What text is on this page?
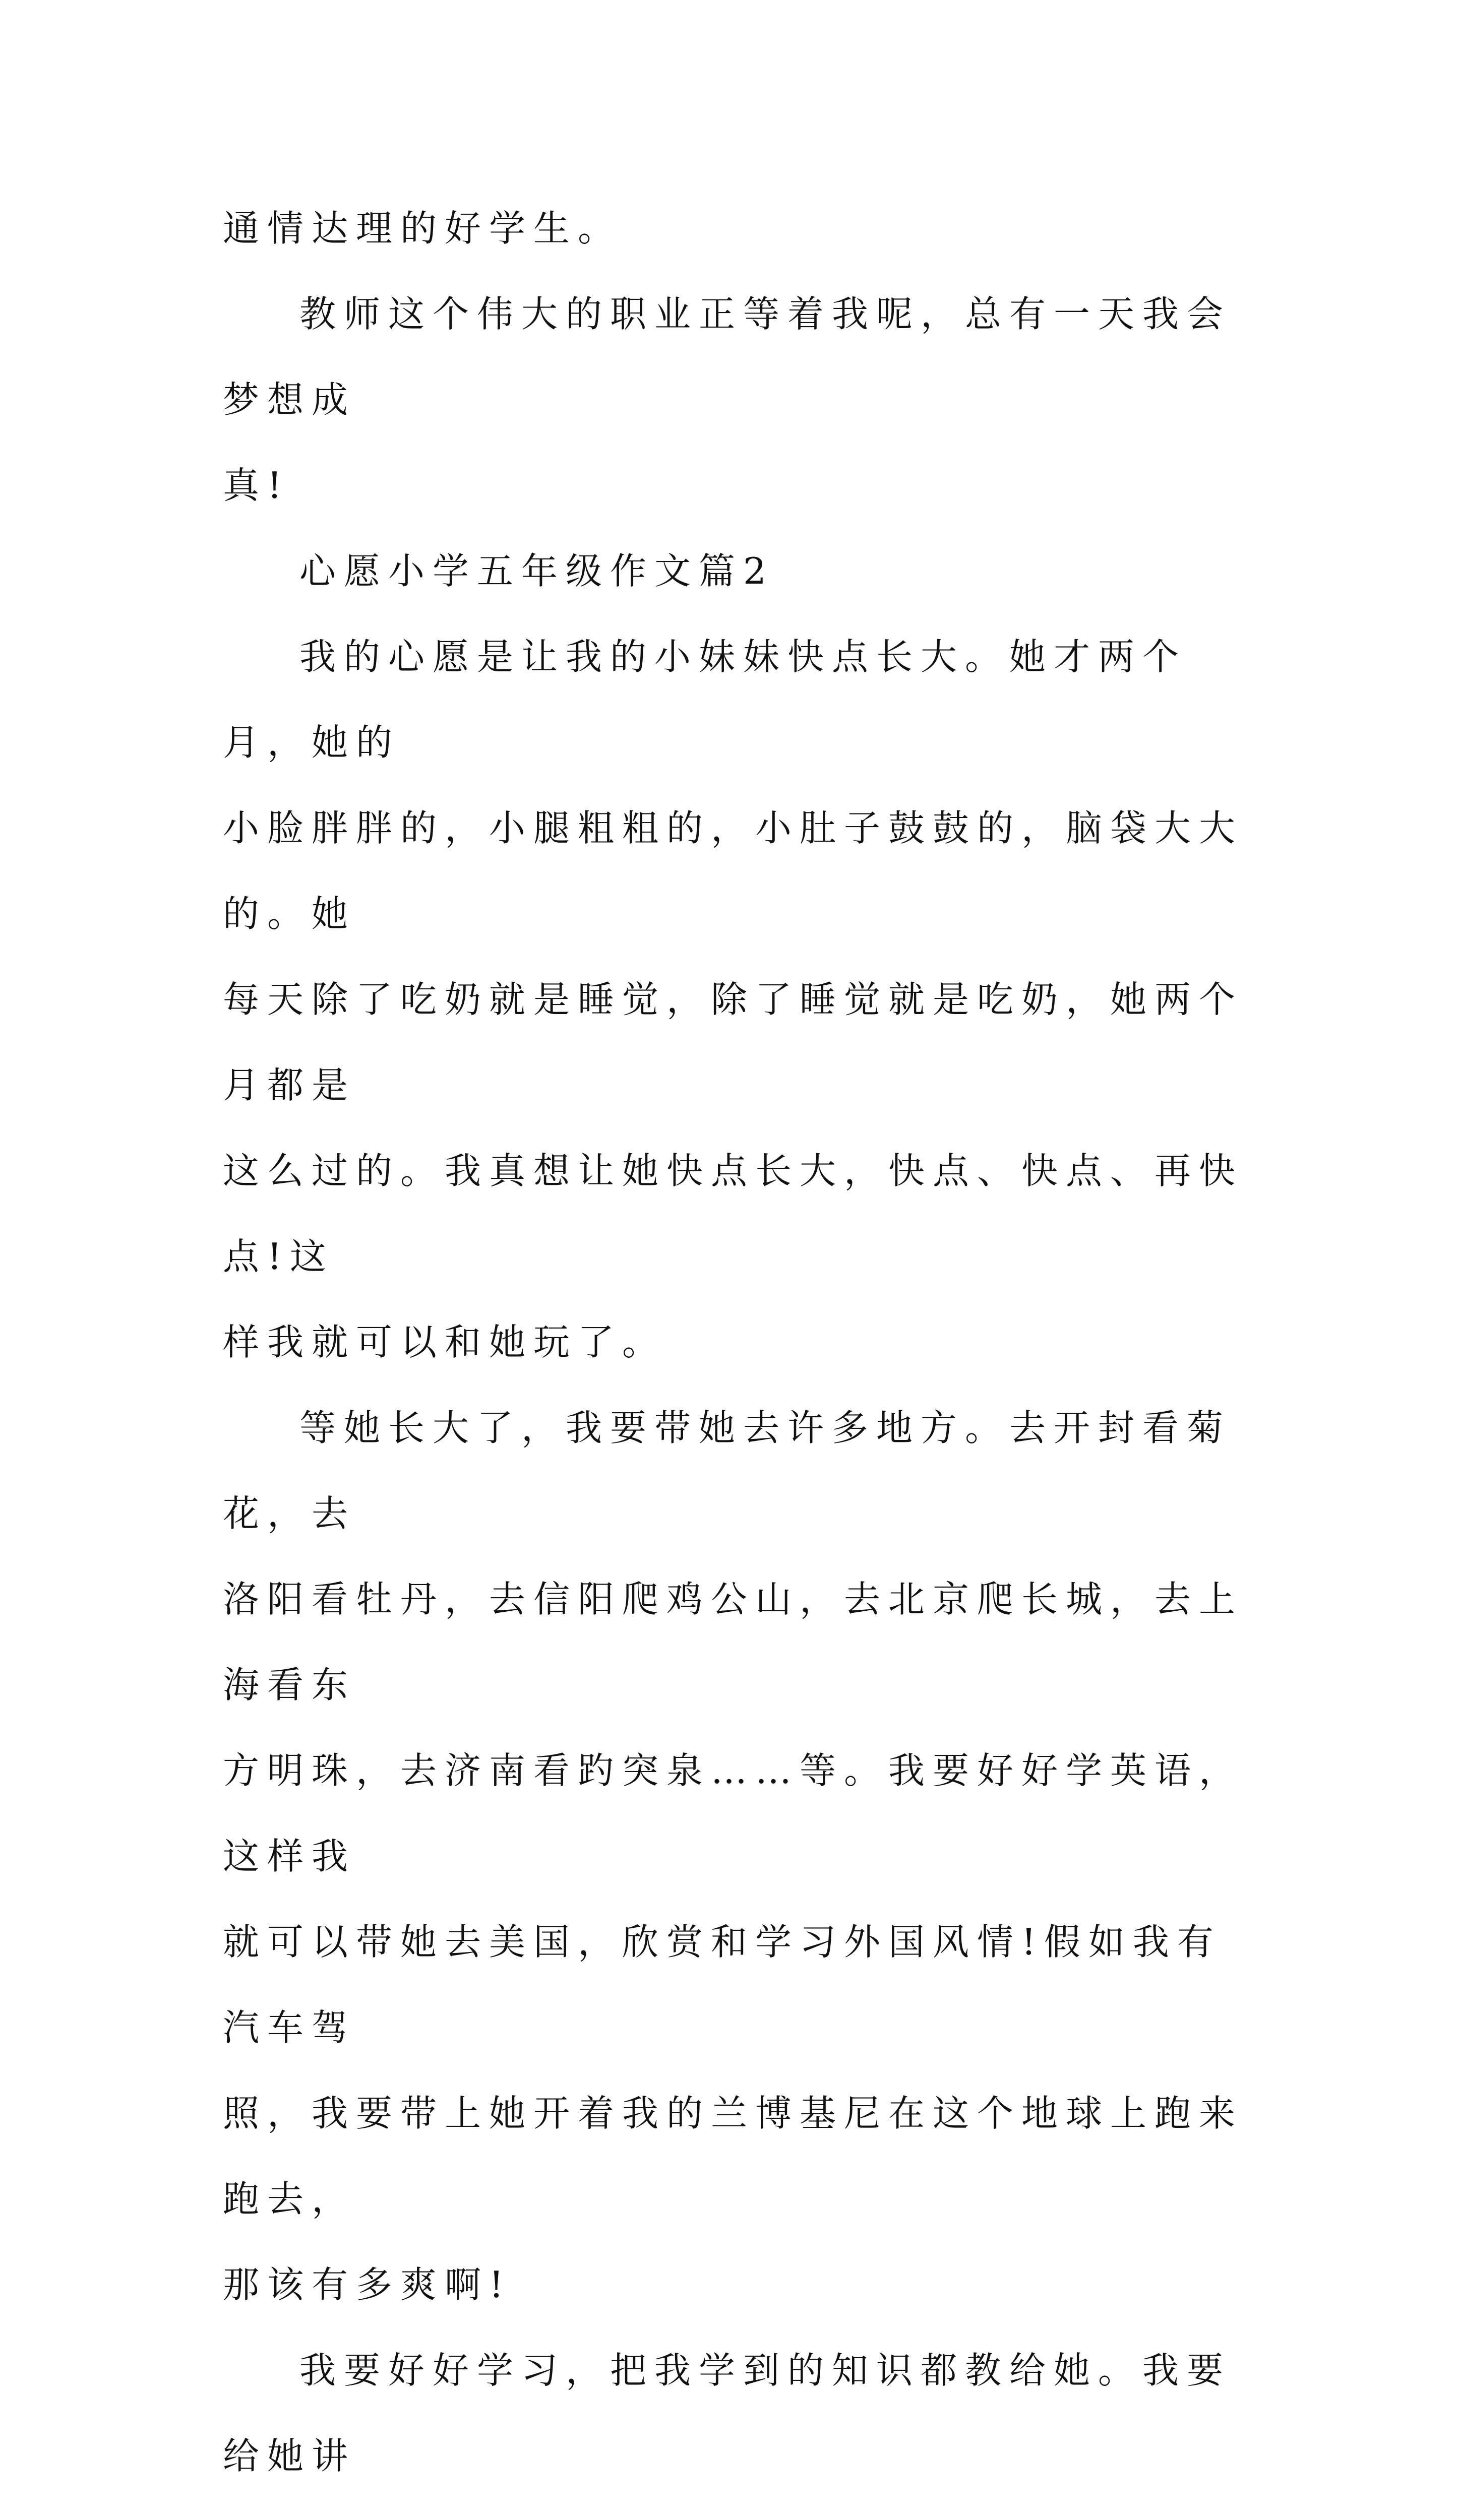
通情达理的好学生。

教师这个伟大的职业正等着我呢，总有一天我会梦想成
真!

心愿小学五年级作文篇2

我的心愿是让我的小妹妹快点长大。她才两个月，她的
小脸胖胖的，小腿粗粗的，小肚子鼓鼓的，脑袋大大的。她
每天除了吃奶就是睡觉，除了睡觉就是吃奶，她两个月都是
这么过的。我真想让她快点长大，快点、快点、再快点!这
样我就可以和她玩了。

等她长大了，我要带她去许多地方。去开封看菊花，去
洛阳看牡丹，去信阳爬鸡公山，去北京爬长城，去上海看东
方明珠，去济南看趵突泉……等。我要好好学英语，这样我
就可以带她去美国，欣赏和学习外国风情!假如我有汽车驾
照，我要带上她开着我的兰博基尼在这个地球上跑来跑去，
那该有多爽啊!

我要好好学习，把我学到的知识都教给她。我要给她讲
